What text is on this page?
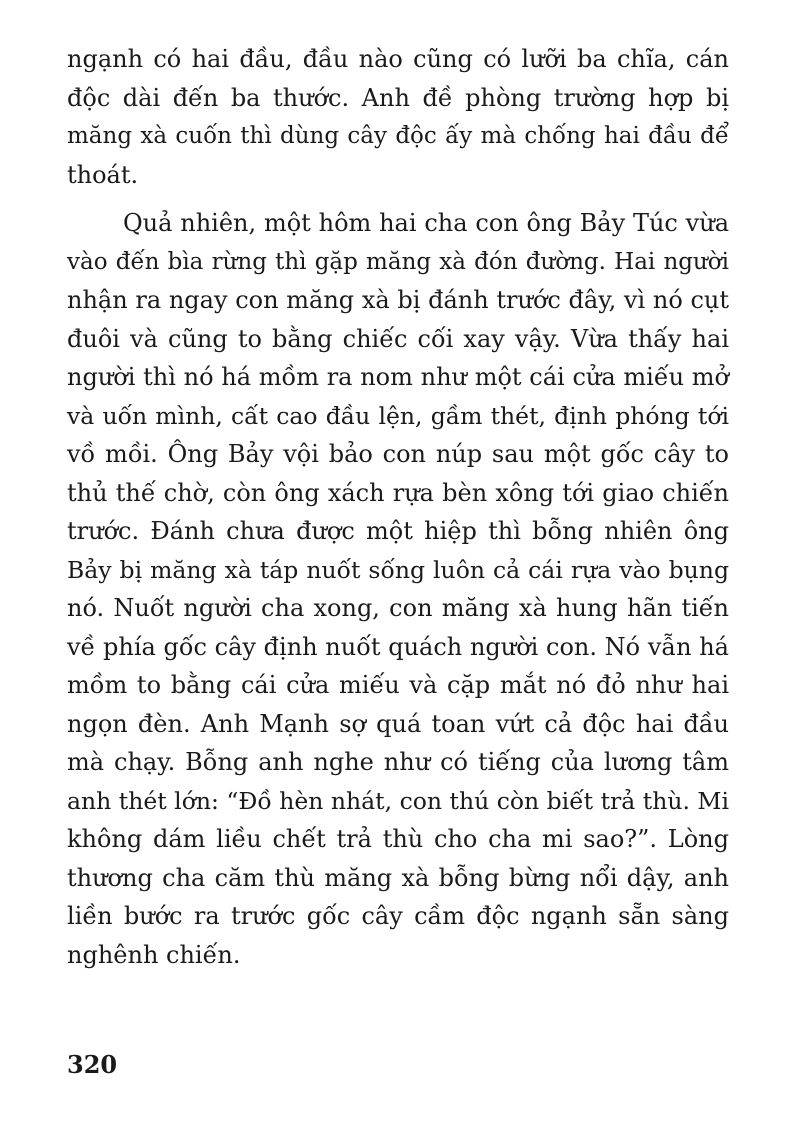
ngạnh có hai đầu, đầu nào cũng có lưỡi ba chĩa, cán
độc dài đến ba thước. Anh đề phòng trường hợp bị
măng xà cuốn thì dùng cây độc ấy mà chống hai đầu để
thoát.
Quả nhiên, một hôm hai cha con ông Bảy Túc vừa
vào đến bìa rừng thì gặp măng xà đón đường. Hai người
nhận ra ngay con măng xà bị đánh trước đây, vì nó cụt
đuôi và cũng to bằng chiếc cối xay vậy. Vừa thấy hai
người thì nó há mồm ra nom như một cái cửa miếu mở
và uốn mình, cất cao đầu lện, gầm thét, định phóng tới
vồ mồi. Ông Bảy vội bảo con núp sau một gốc cây to
thủ thế chờ, còn ông xách rựa bèn xông tới giao chiến
trước. Đánh chưa được một hiệp thì bỗng nhiên ông
Bảy bị măng xà táp nuốt sống luôn cả cái rựa vào bụng
nó. Nuốt người cha xong, con măng xà hung hãn tiến
về phía gốc cây định nuốt quách người con. Nó vẫn há
mồm to bằng cái cửa miếu và cặp mắt nó đỏ như hai
ngọn đèn. Anh Mạnh sợ quá toan vứt cả độc hai đầu
mà chạy. Bỗng anh nghe như có tiếng của lương tâm
anh thét lớn: “Đồ hèn nhát, con thú còn biết trả thù. Mi
không dám liều chết trả thù cho cha mi sao?”. Lòng
thương cha căm thù măng xà bỗng bừng nổi dậy, anh
liền bước ra trước gốc cây cầm độc ngạnh sẵn sàng
nghênh chiến.
320
